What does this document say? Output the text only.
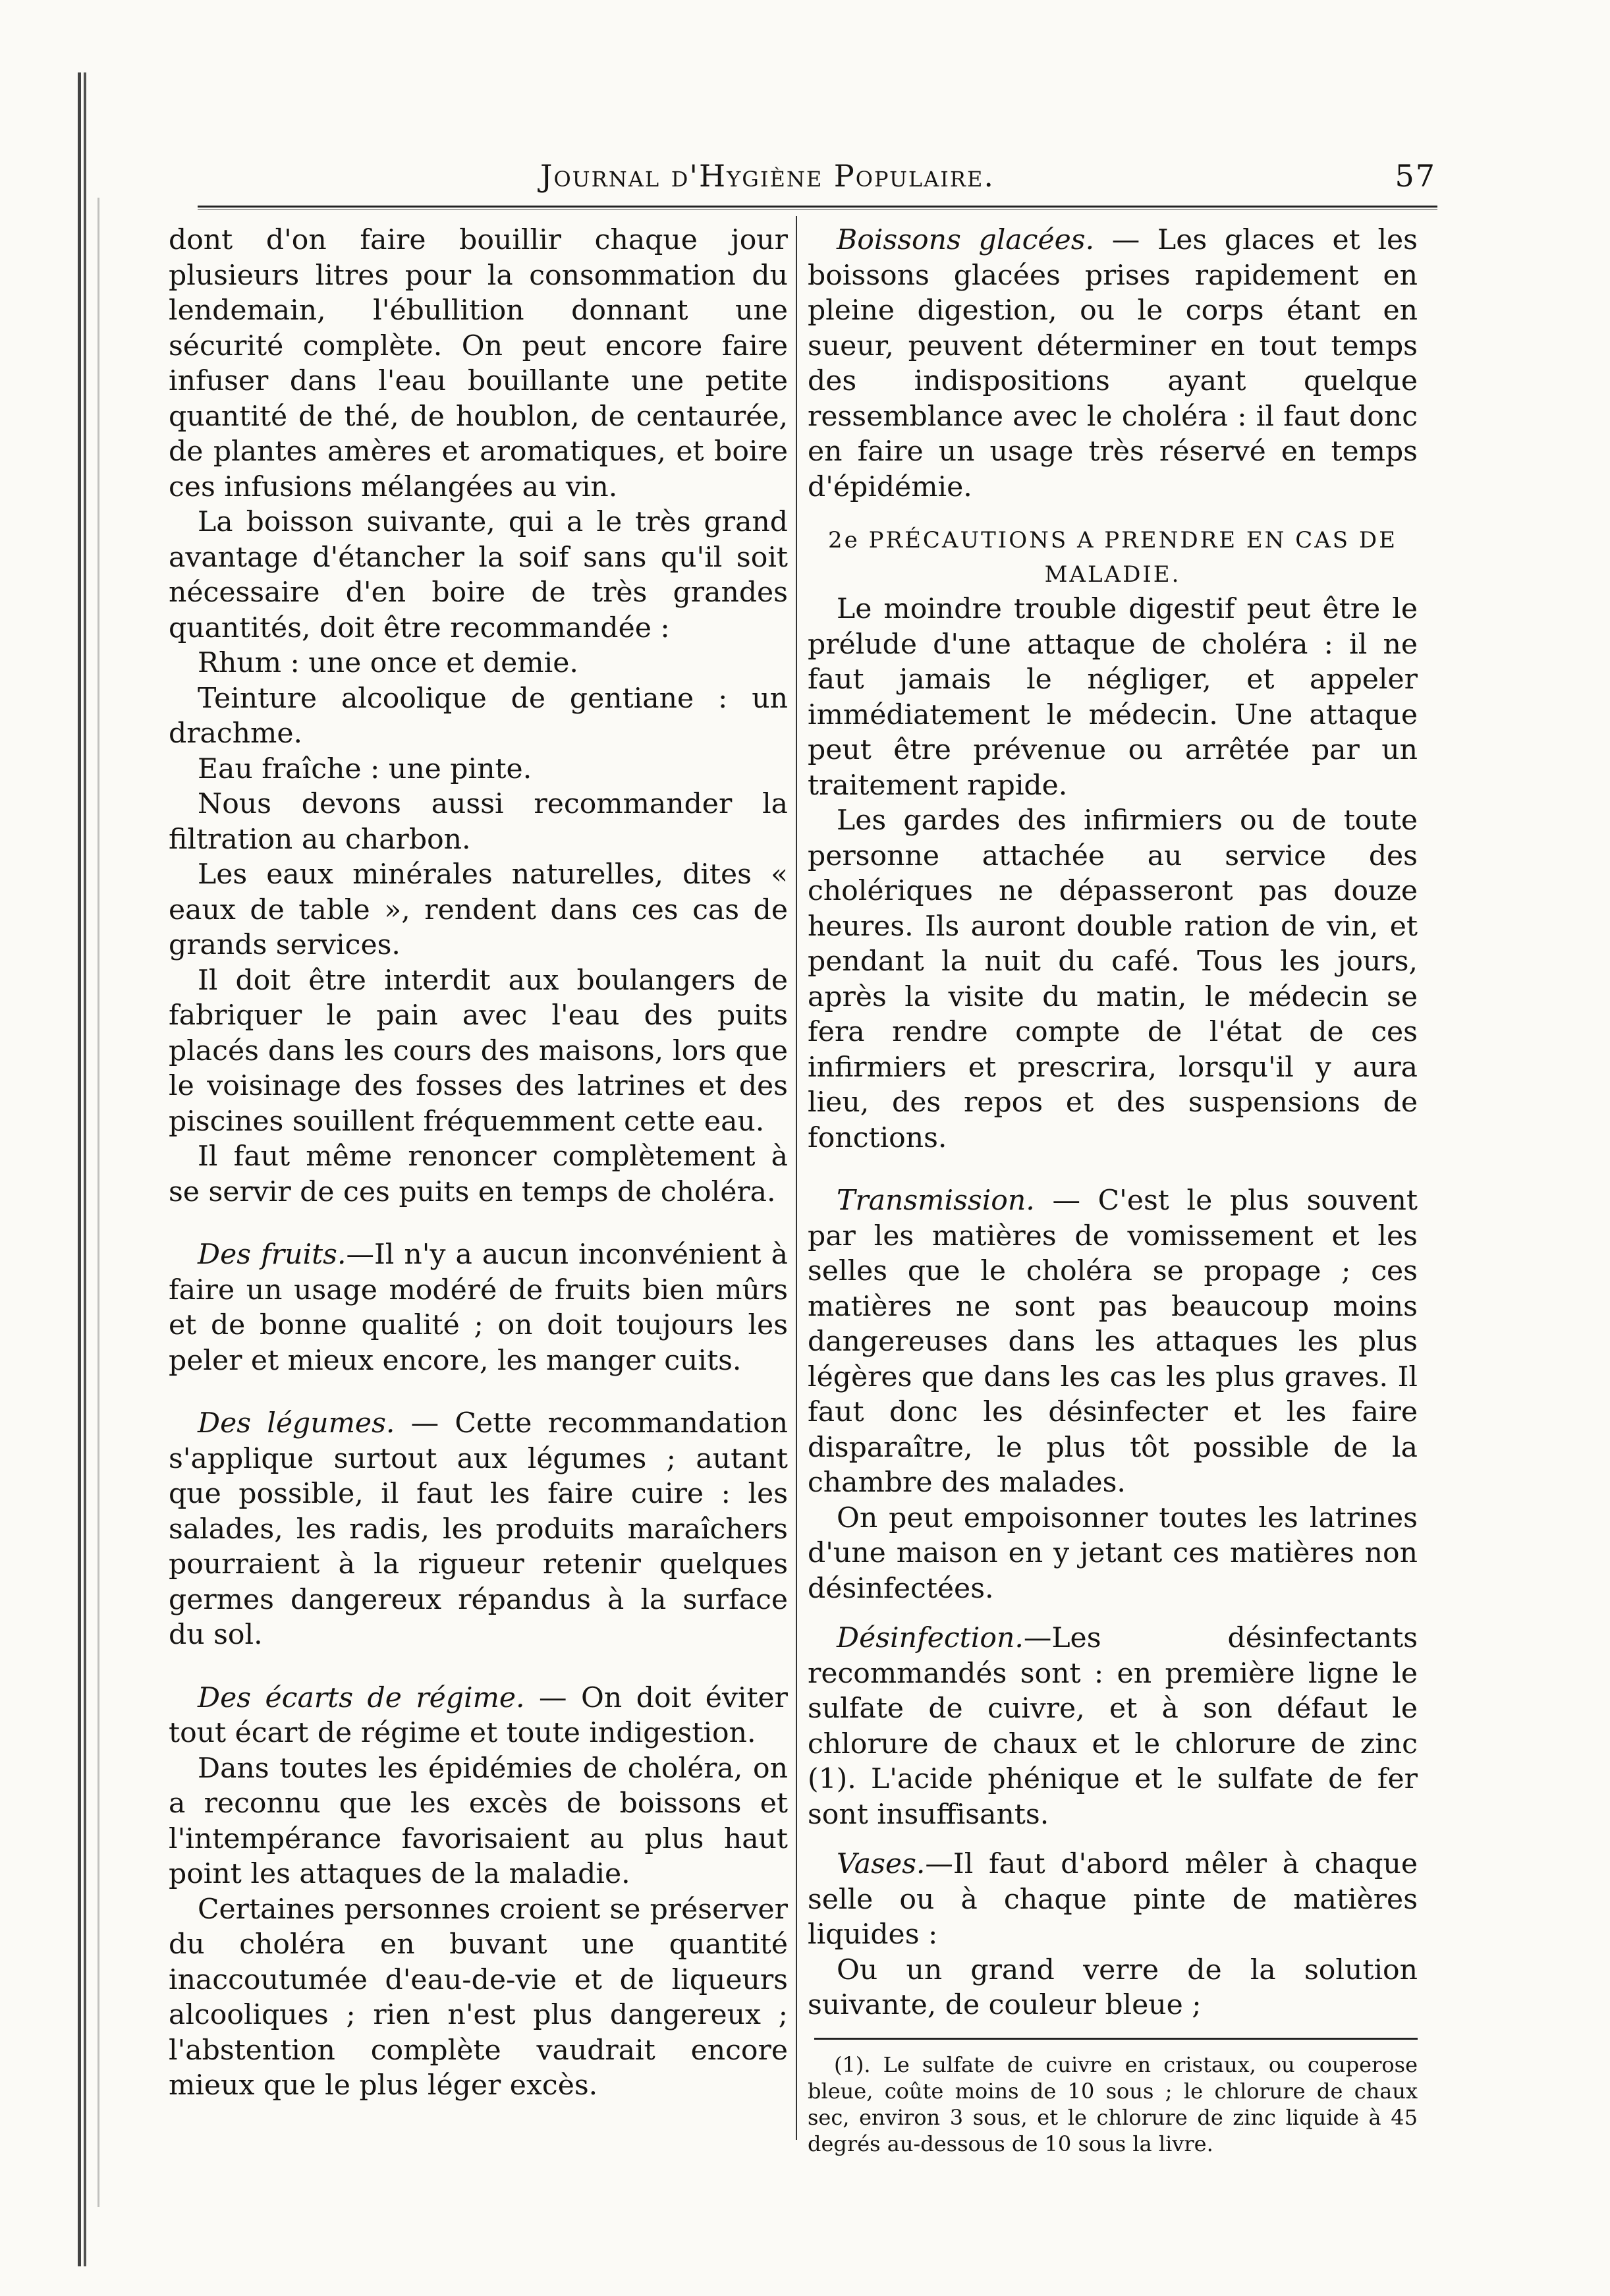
Journal d'Hygiène Populaire.	57

dont d'on faire bouillir chaque jour plusieurs litres pour la consommation du lendemain, l'ébullition donnant une sécurité complète. On peut encore faire infuser dans l'eau bouillante une petite quantité de thé, de houblon, de centaurée, de plantes amères et aromatiques, et boire ces infusions mélangées au vin.

La boisson suivante, qui a le très grand avantage d'étancher la soif sans qu'il soit nécessaire d'en boire de très grandes quantités, doit être recommandée :

Rhum : une once et demie.

Teinture alcoolique de gentiane : un drachme.

Eau fraîche : une pinte.

Nous devons aussi recommander la filtration au charbon.

Les eaux minérales naturelles, dites « eaux de table », rendent dans ces cas de grands services.

Il doit être interdit aux boulangers de fabriquer le pain avec l'eau des puits placés dans les cours des maisons, lors que le voisinage des fosses des latrines et des piscines souillent fréquemment cette eau.

Il faut même renoncer complètement à se servir de ces puits en temps de choléra.

Des fruits.—Il n'y a aucun inconvénient à faire un usage modéré de fruits bien mûrs et de bonne qualité ; on doit toujours les peler et mieux encore, les manger cuits.

Des légumes. — Cette recommandation s'applique surtout aux légumes ; autant que possible, il faut les faire cuire : les salades, les radis, les produits maraîchers pourraient à la rigueur retenir quelques germes dangereux répandus à la surface du sol.

Des écarts de régime. — On doit éviter tout écart de régime et toute indigestion.

Dans toutes les épidémies de choléra, on a reconnu que les excès de boissons et l'intempérance favorisaient au plus haut point les attaques de la maladie.

Certaines personnes croient se préserver du choléra en buvant une quantité inaccoutumée d'eau-de-vie et de liqueurs alcooliques ; rien n'est plus dangereux ; l'abstention complète vaudrait encore mieux que le plus léger excès.

Boissons glacées. — Les glaces et les boissons glacées prises rapidement en pleine digestion, ou le corps étant en sueur, peuvent déterminer en tout temps des indispositions ayant quelque ressemblance avec le choléra : il faut donc en faire un usage très réservé en temps d'épidémie.

2e PRÉCAUTIONS A PRENDRE EN CAS DE MALADIE.

Le moindre trouble digestif peut être le prélude d'une attaque de choléra : il ne faut jamais le négliger, et appeler immédiatement le médecin. Une attaque peut être prévenue ou arrêtée par un traitement rapide.

Les gardes des infirmiers ou de toute personne attachée au service des cholériques ne dépasseront pas douze heures. Ils auront double ration de vin, et pendant la nuit du café. Tous les jours, après la visite du matin, le médecin se fera rendre compte de l'état de ces infirmiers et prescrira, lorsqu'il y aura lieu, des repos et des suspensions de fonctions.

Transmission. — C'est le plus souvent par les matières de vomissement et les selles que le choléra se propage ; ces matières ne sont pas beaucoup moins dangereuses dans les attaques les plus légères que dans les cas les plus graves. Il faut donc les désinfecter et les faire disparaître, le plus tôt possible de la chambre des malades.

On peut empoisonner toutes les latrines d'une maison en y jetant ces matières non désinfectées.

Désinfection.—Les désinfectants recommandés sont : en première ligne le sulfate de cuivre, et à son défaut le chlorure de chaux et le chlorure de zinc (1). L'acide phénique et le sulfate de fer sont insuffisants.

Vases.—Il faut d'abord mêler à chaque selle ou à chaque pinte de matières liquides :

Ou un grand verre de la solution suivante, de couleur bleue ;

(1). Le sulfate de cuivre en cristaux, ou couperose bleue, coûte moins de 10 sous ; le chlorure de chaux sec, environ 3 sous, et le chlorure de zinc liquide à 45 degrés au-dessous de 10 sous la livre.
